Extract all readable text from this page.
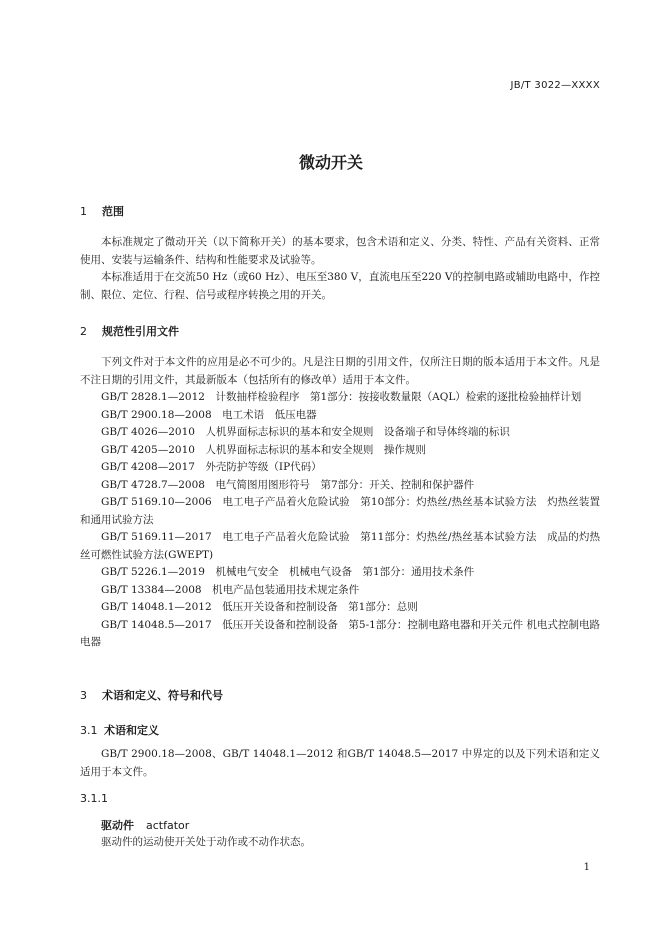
JB/T 3022—XXXX
微动开关
1 范围

本标准规定了微动开关（以下简称开关）的基本要求，包含术语和定义、分类、特性、产品有关资料、正常使用、安装与运输条件、结构和性能要求及试验等。

本标准适用于在交流50 Hz（或60 Hz）、电压至380 V，直流电压至220 V的控制电路或辅助电路中，作控制、限位、定位、行程、信号或程序转换之用的开关。

2 规范性引用文件

下列文件对于本文件的应用是必不可少的。凡是注日期的引用文件，仅所注日期的版本适用于本文件。凡是不注日期的引用文件，其最新版本（包括所有的修改单）适用于本文件。

GB/T 2828.1—2012　计数抽样检验程序　第1部分：按接收数量限（AQL）检索的逐批检验抽样计划
GB/T 2900.18—2008　电工术语　低压电器
GB/T 4026—2010　人机界面标志标识的基本和安全规则　设备端子和导体终端的标识
GB/T 4205—2010　人机界面标志标识的基本和安全规则　操作规则
GB/T 4208—2017　外壳防护等级（IP代码）
GB/T 4728.7—2008　电气简图用图形符号　第7部分：开关、控制和保护器件
GB/T 5169.10—2006　电工电子产品着火危险试验　第10部分：灼热丝/热丝基本试验方法　灼热丝装置和通用试验方法
GB/T 5169.11—2017　电工电子产品着火危险试验　第11部分：灼热丝/热丝基本试验方法　成品的灼热丝可燃性试验方法(GWEPT)
GB/T 5226.1—2019　机械电气安全　机械电气设备　第1部分：通用技术条件
GB/T 13384—2008　机电产品包装通用技术规定条件
GB/T 14048.1—2012　低压开关设备和控制设备　第1部分：总则
GB/T 14048.5—2017　低压开关设备和控制设备　第5-1部分：控制电路电器和开关元件 机电式控制电路电器
3 术语和定义、符号和代号
3.1 术语和定义

GB/T 2900.18—2008、GB/T 14048.1—2012 和GB/T 14048.5—2017 中界定的以及下列术语和定义适用于本文件。

3.1.1
驱动件 actfator
驱动件的运动使开关处于动作或不动作状态。
1
